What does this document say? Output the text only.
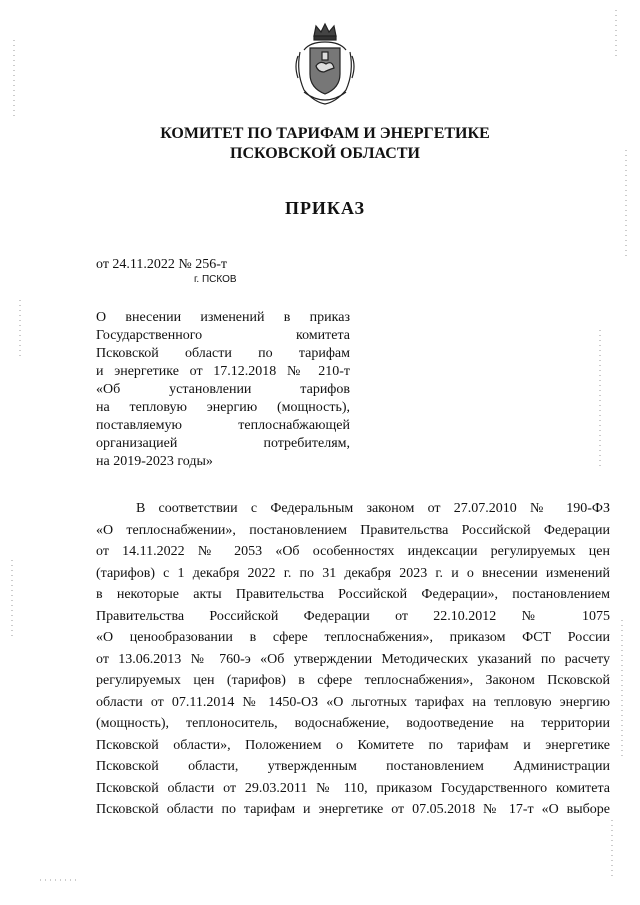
КОМИТЕТ ПО ТАРИФАМ И ЭНЕРГЕТИКЕ
ПСКОВСКОЙ ОБЛАСТИ
ПРИКАЗ
от 24.11.2022 № 256-т
г. ПСКОВ
О внесении изменений в приказ
Государственного комитета
Псковской области по тарифам
и энергетике от 17.12.2018 № 210-т
«Об установлении тарифов
на тепловую энергию (мощность),
поставляемую теплоснабжающей
организацией потребителям,
на 2019-2023 годы»
В соответствии с Федеральным законом от 27.07.2010 № 190-ФЗ
«О теплоснабжении», постановлением Правительства Российской Федерации
от 14.11.2022 № 2053 «Об особенностях индексации регулируемых цен
(тарифов) с 1 декабря 2022 г. по 31 декабря 2023 г. и о внесении изменений
в некоторые акты Правительства Российской Федерации», постановлением
Правительства Российской Федерации от 22.10.2012 № 1075
«О ценообразовании в сфере теплоснабжения», приказом ФСТ России
от 13.06.2013 № 760-э «Об утверждении Методических указаний по расчету
регулируемых цен (тарифов) в сфере теплоснабжения», Законом Псковской
области от 07.11.2014 № 1450-ОЗ «О льготных тарифах на тепловую энергию
(мощность), теплоноситель, водоснабжение, водоотведение на территории
Псковской области», Положением о Комитете по тарифам и энергетике
Псковской области, утвержденным постановлением Администрации
Псковской области от 29.03.2011 № 110, приказом Государственного комитета
Псковской области по тарифам и энергетике от 07.05.2018 № 17-т «О выборе
